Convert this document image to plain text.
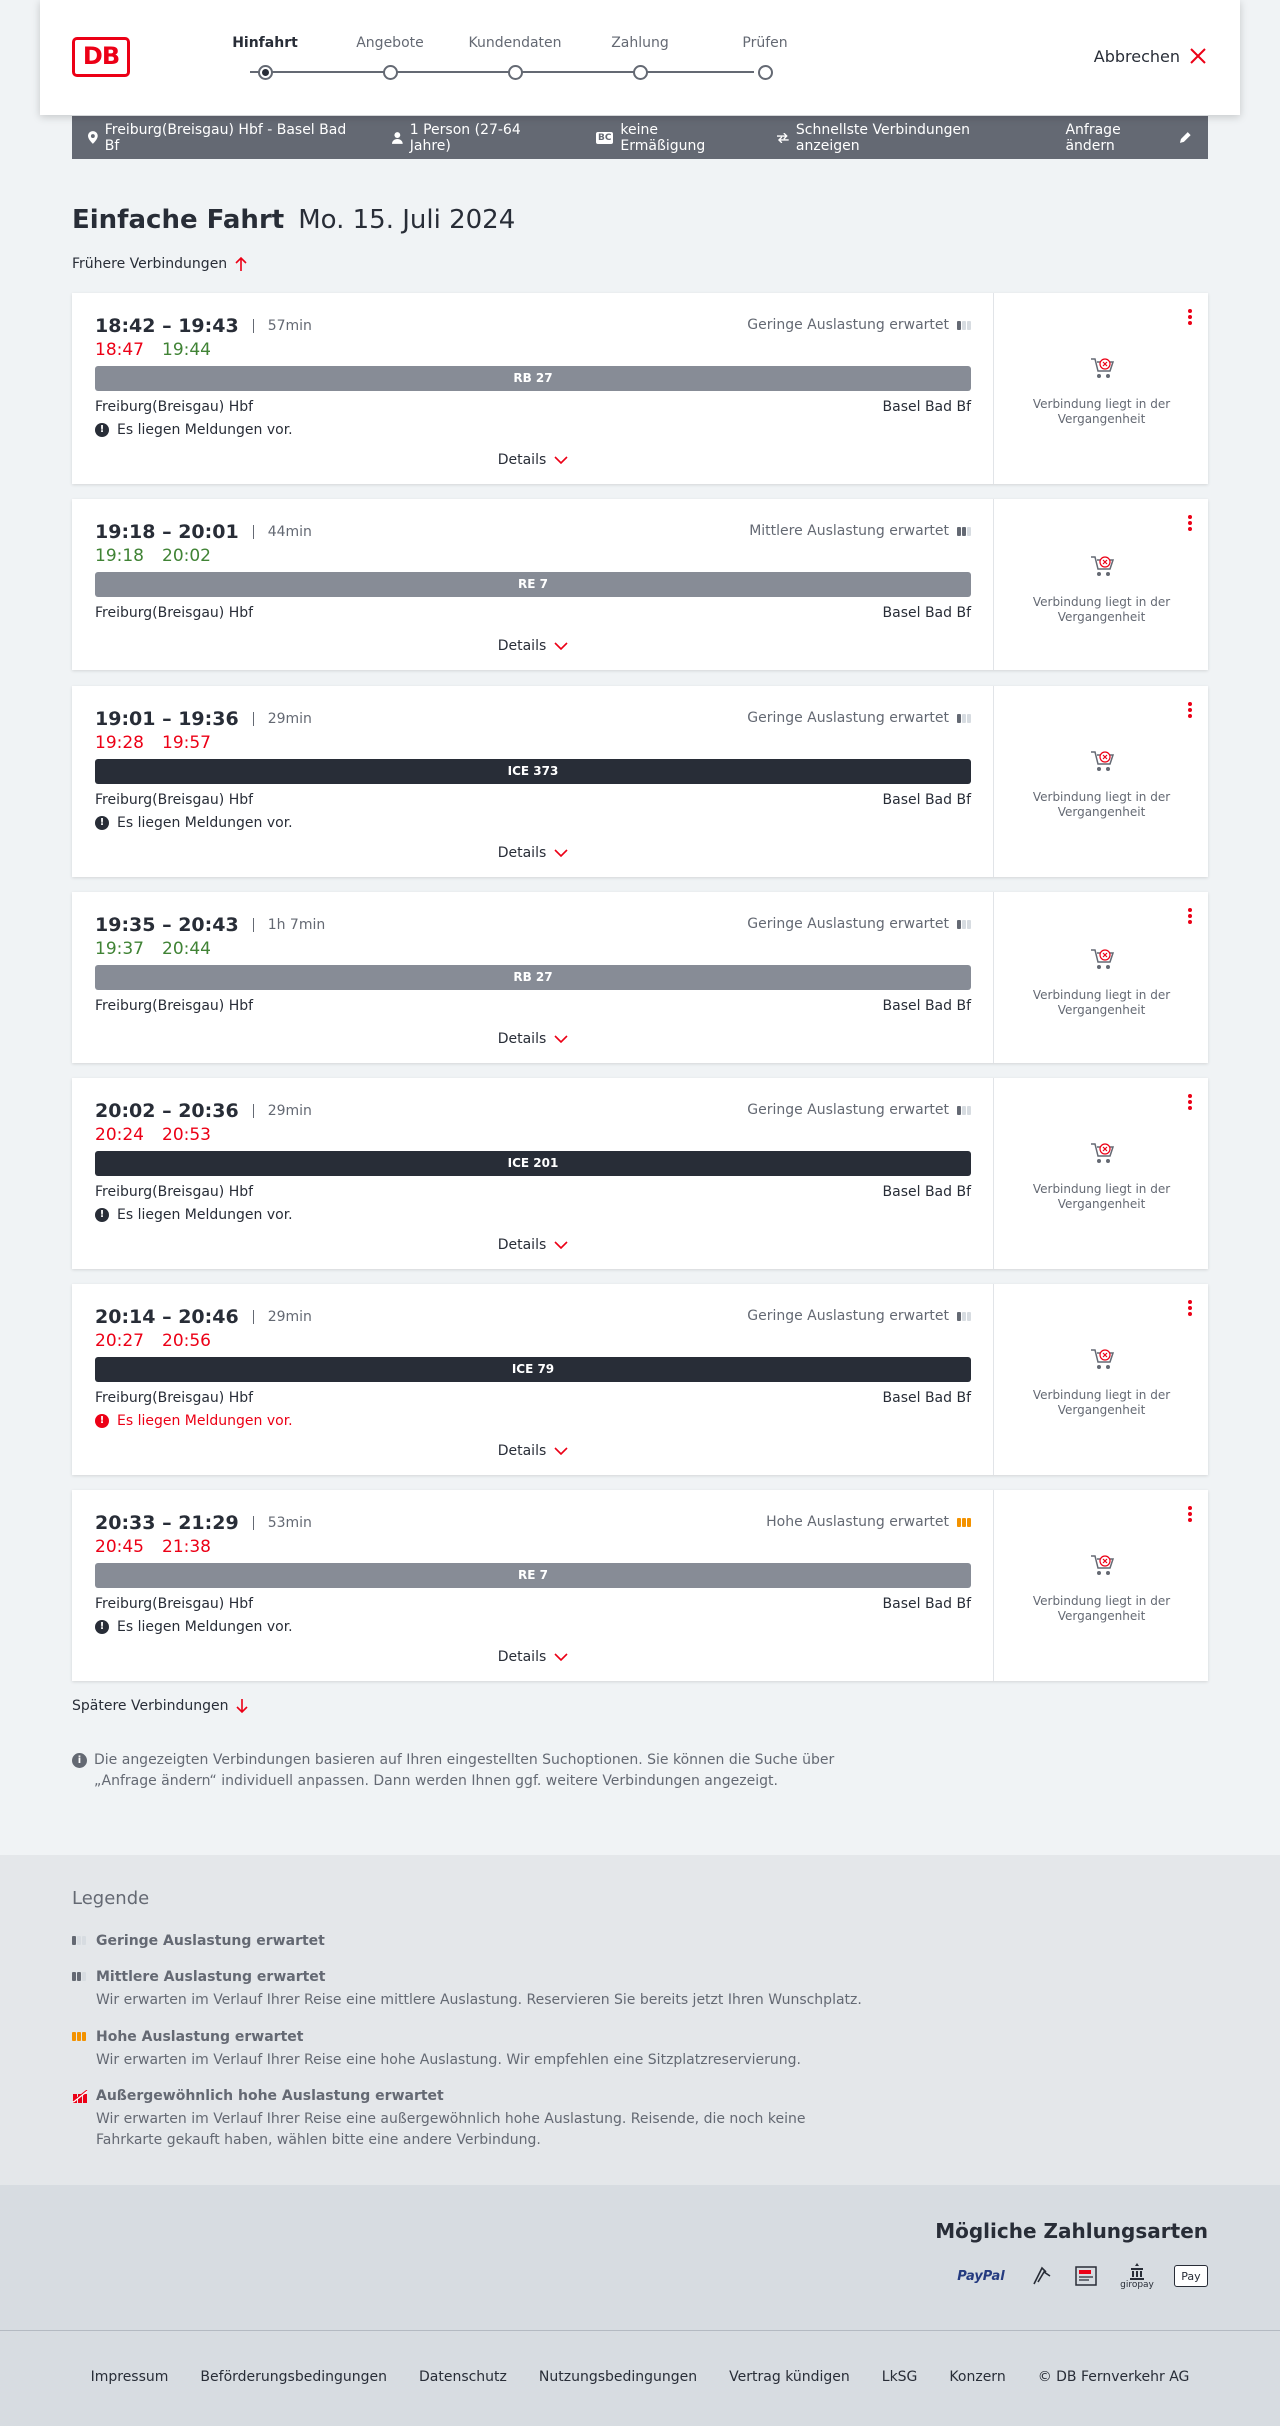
DB	Hinfahrt	Angebote	Kundendaten	Zahlung	Prüfen
Abbrechen
Freiburg(Breisgau) Hbf - Basel Bad Bf
1 Person (27-64 Jahre)	BC keine Ermäßigung
Schnellste Verbindungen anzeigen
Anfrage ändern
Einfache Fahrt Mo. 15. Juli 2024
Frühere Verbindungen
18:42 – 19:43	57min
18:47 19:44
Geringe Auslastung erwartet
RB 27
Freiburg(Breisgau) Hbf	Basel Bad Bf
! Es liegen Meldungen vor.
Details
Verbindung liegt in der Vergangenheit
19:18 – 20:01	44min
19:18 20:02
Mittlere Auslastung erwartet
RE 7
Freiburg(Breisgau) Hbf	Basel Bad Bf
Details
Verbindung liegt in der Vergangenheit
19:01 – 19:36	29min
19:28 19:57
Geringe Auslastung erwartet
ICE 373
Freiburg(Breisgau) Hbf	Basel Bad Bf
! Es liegen Meldungen vor.
Details
Verbindung liegt in der Vergangenheit
19:35 – 20:43	1h 7min
19:37 20:44
Geringe Auslastung erwartet
RB 27
Freiburg(Breisgau) Hbf	Basel Bad Bf
Details
Verbindung liegt in der Vergangenheit
20:02 – 20:36	29min
20:24 20:53
Geringe Auslastung erwartet
ICE 201
Freiburg(Breisgau) Hbf	Basel Bad Bf
! Es liegen Meldungen vor.
Details
Verbindung liegt in der Vergangenheit
20:14 – 20:46	29min
20:27 20:56
Geringe Auslastung erwartet
ICE 79
Freiburg(Breisgau) Hbf	Basel Bad Bf
! Es liegen Meldungen vor.
Details
Verbindung liegt in der Vergangenheit
20:33 – 21:29	53min
20:45 21:38
Hohe Auslastung erwartet
RE 7
Freiburg(Breisgau) Hbf	Basel Bad Bf
! Es liegen Meldungen vor.
Details
Verbindung liegt in der Vergangenheit
Spätere Verbindungen
i Die angezeigten Verbindungen basieren auf Ihren eingestellten Suchoptionen. Sie können die Suche über „Anfrage ändern“ individuell anpassen. Dann werden Ihnen ggf. weitere Verbindungen angezeigt.
Legende
Geringe Auslastung erwartet
Mittlere Auslastung erwartet
Wir erwarten im Verlauf Ihrer Reise eine mittlere Auslastung. Reservieren Sie bereits jetzt Ihren Wunschplatz.
Hohe Auslastung erwartet
Wir erwarten im Verlauf Ihrer Reise eine hohe Auslastung. Wir empfehlen eine Sitzplatzreservierung.
Außergewöhnlich hohe Auslastung erwartet
Wir erwarten im Verlauf Ihrer Reise eine außergewöhnlich hohe Auslastung. Reisende, die noch keine Fahrkarte gekauft haben, wählen bitte eine andere Verbindung.
Mögliche Zahlungsarten
PayPal
giropay
Pay
Impressum Beförderungsbedingungen Datenschutz Nutzungsbedingungen Vertrag kündigen LkSG Konzern © DB Fernverkehr AG
